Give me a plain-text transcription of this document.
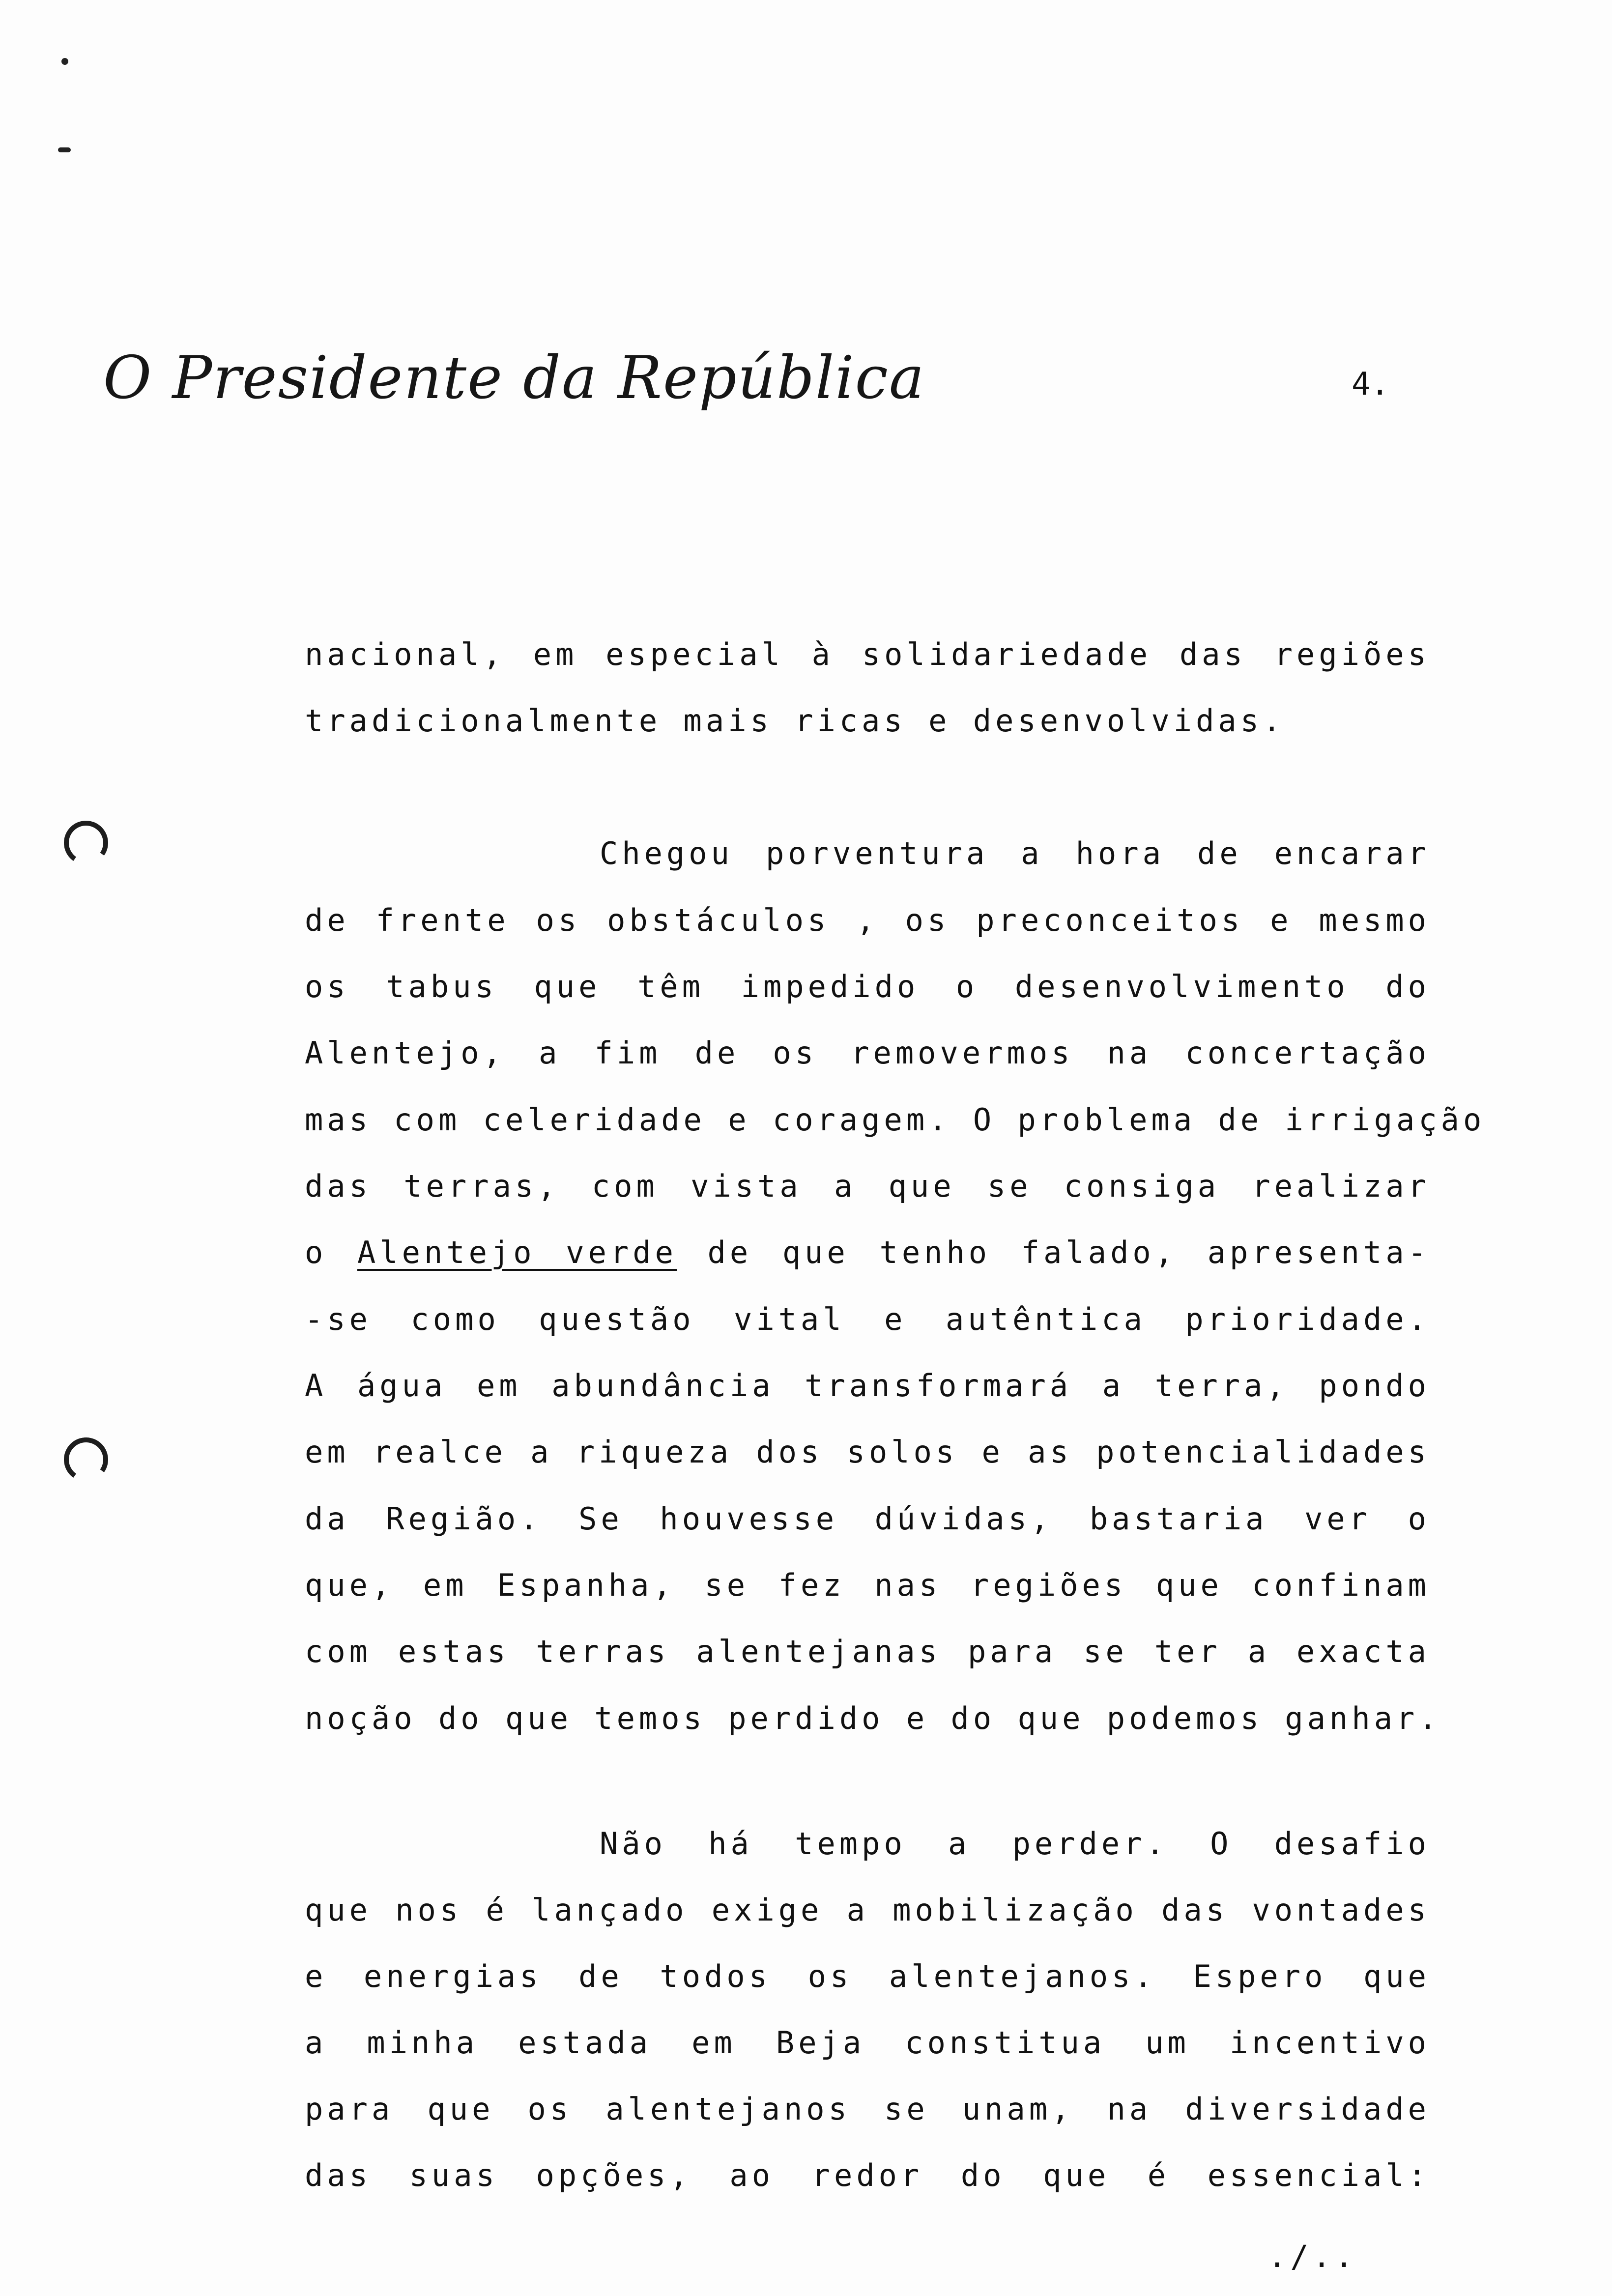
O Presidente da República	4.
nacional, em especial à solidariedade das regiões
tradicionalmente mais ricas e desenvolvidas.
Chegou porventura a hora de encarar
de frente os obstáculos , os preconceitos e mesmo
os tabus que têm impedido o desenvolvimento do
Alentejo, a fim de os removermos na concertação
mas com celeridade e coragem. O problema de irrigação
das terras, com vista a que se consiga realizar
o Alentejo verde de que tenho falado, apresenta-
-se como questão vital e autêntica prioridade.
A água em abundância transformará a terra, pondo
em realce a riqueza dos solos e as potencialidades
da Região. Se houvesse dúvidas, bastaria ver o
que, em Espanha, se fez nas regiões que confinam
com estas terras alentejanas para se ter a exacta
noção do que temos perdido e do que podemos ganhar.
Não há tempo a perder. O desafio
que nos é lançado exige a mobilização das vontades
e energias de todos os alentejanos. Espero que
a minha estada em Beja constitua um incentivo
para que os alentejanos se unam, na diversidade
das suas opções, ao redor do que é essencial:
./..
